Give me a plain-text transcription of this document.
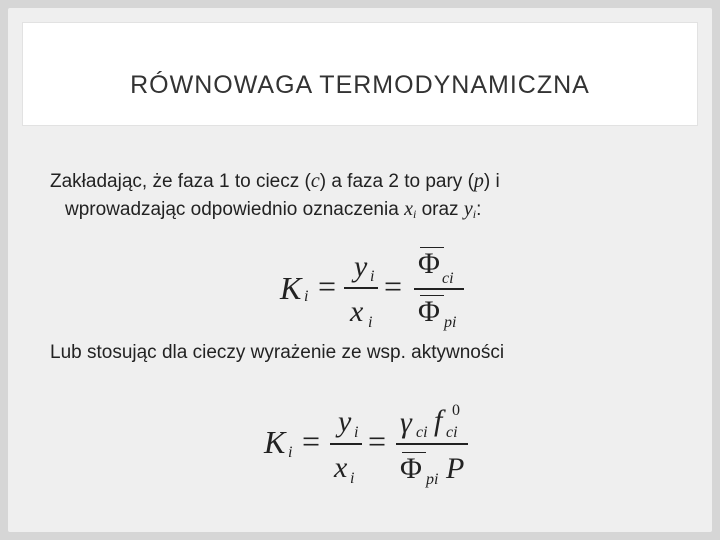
RÓWNOWAGA TERMODYNAMICZNA
Zakładając, że faza 1 to ciecz (c) a faza 2 to pary (p) i
wprowadzając odpowiednio oznaczenia $x_i$ oraz $y_i$:
K i =
y i
x i
=
Φ ci
Φ pi
Lub stosując dla cieczy wyrażenie ze wsp. aktywności
K i =
y i
x i
=
γ ci f 0
ci
Φ pi P
